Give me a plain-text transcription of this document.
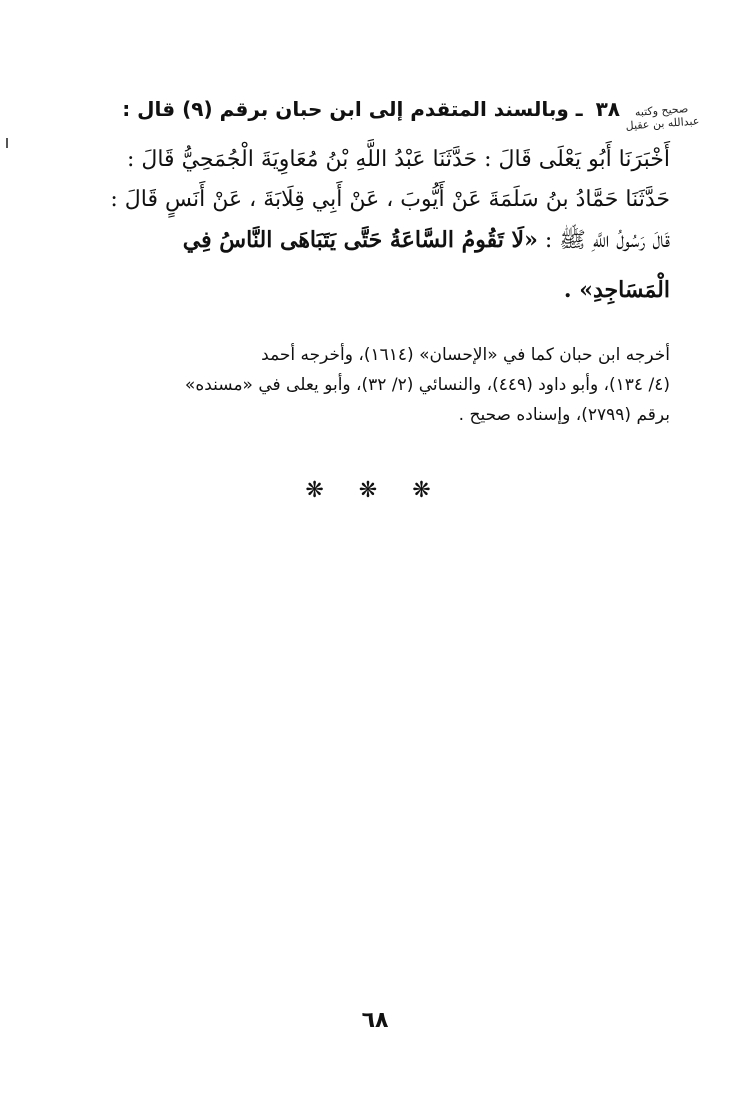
صحيح وكتبه
عبدالله بن عقيل
٣٨ ـ وبالسند المتقدم إلى ابن حبان برقم (٩) قال :
أَخْبَرَنَا أَبُو يَعْلَى قَالَ : حَدَّثَنَا عَبْدُ اللَّهِ بْنُ مُعَاوِيَةَ الْجُمَحِيُّ قَالَ :
حَدَّثَنَا حَمَّادُ بنُ سَلَمَةَ عَنْ أَيُّوبَ ، عَنْ أَبِي قِلَابَةَ ، عَنْ أَنَسٍ قَالَ :
قَالَ رَسُولُ اللَّهِ ﷺ : «لَا تَقُومُ السَّاعَةُ حَتَّى يَتَبَاهَى النَّاسُ فِي
الْمَسَاجِدِ» .
أخرجه ابن حبان كما في «الإحسان» (١٦١٤)، وأخرجه أحمد
(٤/ ١٣٤)، وأبو داود (٤٤٩)، والنسائي (٢/ ٣٢)، وأبو يعلى في «مسنده»
برقم (٢٧٩٩)، وإسناده صحيح .
❋ ❋ ❋
٦٨
